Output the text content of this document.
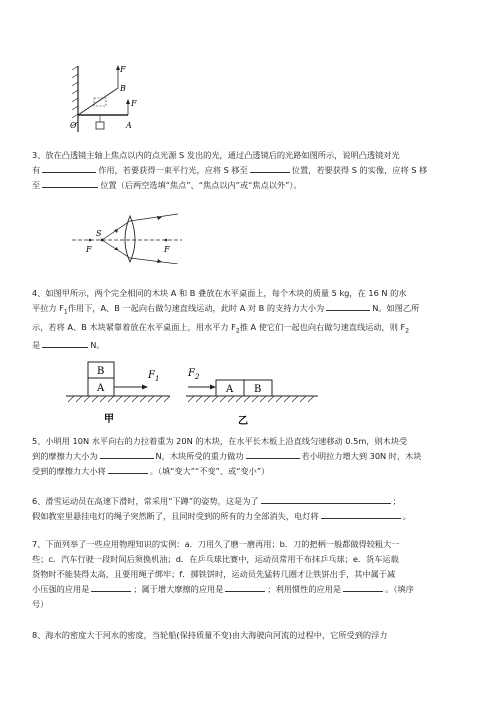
F
B
O	A
F
3、放在凸透镜主轴上焦点以内的点光源 S 发出的光，通过凸透镜后的光路如图所示，说明凸透镜对光
有	作用，若要获得一束平行光，应将 S 移至	位置，若要获得 S 的实像，应将 S 移
至	位置（后两空选填“焦点”、“焦点以内”或“焦点以外”）。
S
F	F
4、如图甲所示，两个完全相同的木块 A 和 B 叠放在水平桌面上，每个木块的质量 5 kg，在 16 N 的水
平拉力 $F_1$作用下，A、B 一起向右做匀速直线运动，此时 A 对 B 的支持力大小为	N。如图乙所
示，若将 A、B 木块紧靠着放在水平桌面上，用水平力 $F_2$推 A 使它们一起也向右做匀速直线运动，则 $F_2$
是	N。
B
A
$F_1$
甲
$F_2$
A B
乙
5、小明用 10N 水平向右的力拉着重为 20N 的木块，在水平长木板上沿直线匀速移动 0.5m，则木块受
到的摩擦力大小为	N，木块所受的重力做功	若小明拉力增大到 30N 时，木块
受到的摩擦力大小将	。（填“变大”“不变”、或“变小”）
6、滑雪运动员在高速下滑时，常采用“下蹲”的姿势，这是为了	；
假如教室里悬挂电灯的绳子突然断了，且同时受到的所有的力全部消失，电灯将	。
7、下面列举了一些应用物理知识的实例：a．刀用久了磨一磨再用；b．刀的把柄一般都做得较粗大一
些；c．汽车行驶一段时间后须换机油；d．在乒乓球比赛中，运动员常用干布抹乒乓球；e．货车运载
货物时不能装得太高，且要用绳子绑牢；f．掷铁饼时，运动员先猛转几圈才让铁饼出手，其中属于减
小压强的应用是	；属于增大摩擦的应用是	；利用惯性的应用是	。（填序
号）
8、海水的密度大于河水的密度，当轮船(保持质量不变)由大海驶向河流的过程中，它所受到的浮力
